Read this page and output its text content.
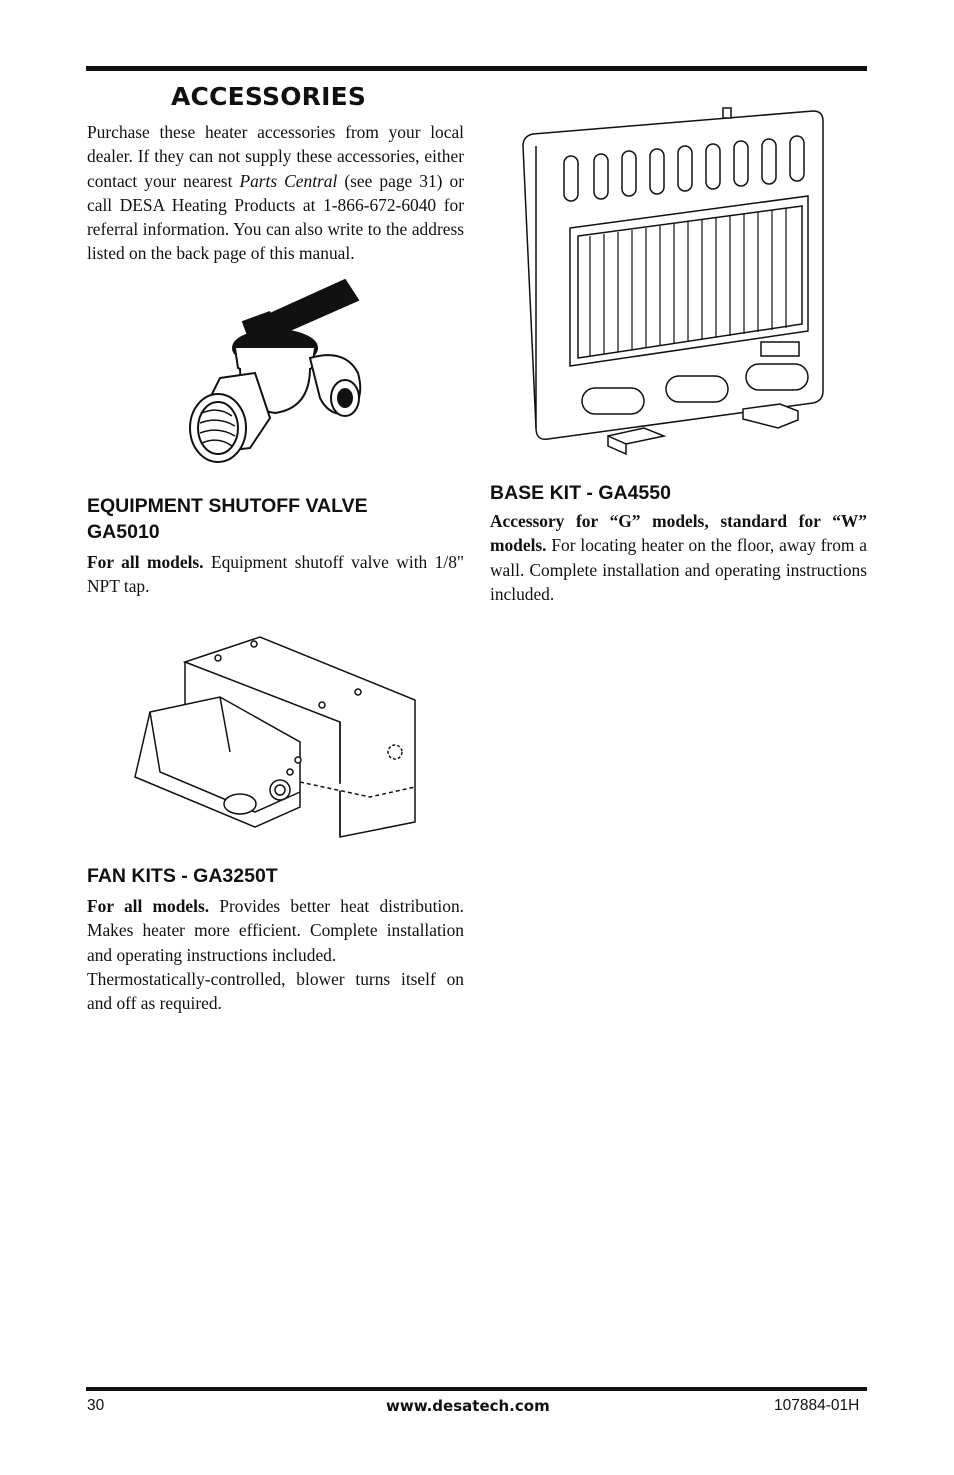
ACCESSORIES

Purchase these heater accessories from your local dealer. If they can not supply these accessories, either contact your nearest Parts Central (see page 31) or call DESA Heating Products at 1-866-672-6040 for referral information. You can also write to the address listed on the back page of this manual.

EQUIPMENT SHUTOFF VALVE
GA5010

For all models. Equipment shutoff valve with 1/8" NPT tap.

FAN KITS - GA3250T

For all models. Provides better heat distribution. Makes heater more efficient. Complete installation and operating instructions included.

Thermostatically-controlled, blower turns itself on and off as required.

BASE KIT - GA4550

Accessory for “G” models, standard for “W” models. For locating heater on the floor, away from a wall. Complete installation and operating instructions included.

30	www.desatech.com	107884-01H
